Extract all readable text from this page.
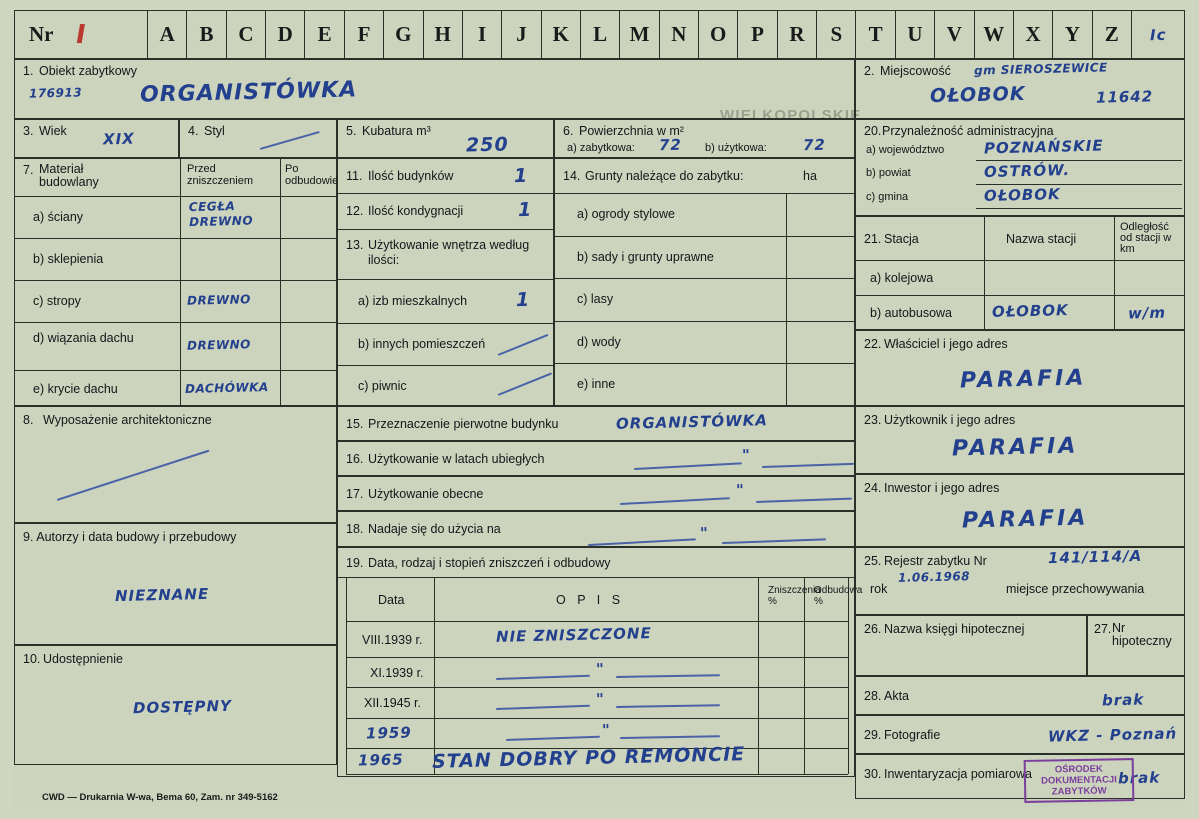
Nr I	A	B	C	D	E	F	G	H	I	J	K	L	M	N	O	P	R	S	T	U	V	W	X	Y	Z	Ic
WIELKOPOLSKIE
1. Obiekt zabytkowy
176913	ORGANISTÓWKA
2. Miejscowość gm SIEROSZEWICE
OŁOBOK	11642
3. Wiek XIX	4. Styl	5. Kubatura m³
250
6. Powierzchnia w m²
a) zabytkowa: 72 b) użytkowa: 72
20. Przynależność administracyjna
a) województwo	POZNAŃSKIE
b) powiat	OSTRÓW.
c) gmina	OŁOBOK
7. Materiał budowlany
Przed zniszczeniem
Po odbudowie
a) ściany
CEGŁA DREWNO
b) sklepienia
c) stropy	DREWNO
d) wiązania dachu	DREWNO
e) krycie dachu	DACHÓWKA
11. Ilość budynków	1
12. Ilość kondygnacji	1
13. Użytkowanie wnętrza według ilości:
a) izb mieszkalnych	1
b) innych pomieszczeń
c) piwnic
14. Grunty należące do zabytku:	ha
a) ogrody stylowe
b) sady i grunty uprawne
c) lasy
d) wody
e) inne
21. Stacja	Nazwa stacji
Odległość od stacji w km
a) kolejowa
b) autobusowa	OŁOBOK	w/m
22. Właściciel i jego adres
PARAFIA
8. Wyposażenie architektoniczne	15. Przeznaczenie pierwotne budynku	ORGANISTÓWKA
16. Użytkowanie w latach ubiegłych	"
17. Użytkowanie obecne	"
18. Nadaje się do użycia na	"
23. Użytkownik i jego adres
PARAFIA
24. Inwestor i jego adres
PARAFIA
9. Autorzy i data budowy i przebudowy
NIEZNANE
10. Udostępnienie
DOSTĘPNY
19. Data, rodzaj i stopień zniszczeń i odbudowy
Data	O P I S
Zniszczenia %
Odbudowa %
VIII.1939 r.	NIE ZNISZCZONE
XI.1939 r.	"
XII.1945 r.	"
1959	"
1965 STAN DOBRY PO REMONCIE
25. Rejestr zabytku Nr	141/114/A
rok
1.06.1968
miejsce przechowywania
26. Nazwa księgi hipotecznej	27. Nr hipoteczny
28. Akta	brak
29. Fotografie	WKZ - Poznań
30. Inwentaryzacja pomiarowa	brak
OŚRODEK
DOKUMENTACJI
ZABYTKÓW
CWD — Drukarnia W-wa, Bema 60, Zam. nr 349-5162
